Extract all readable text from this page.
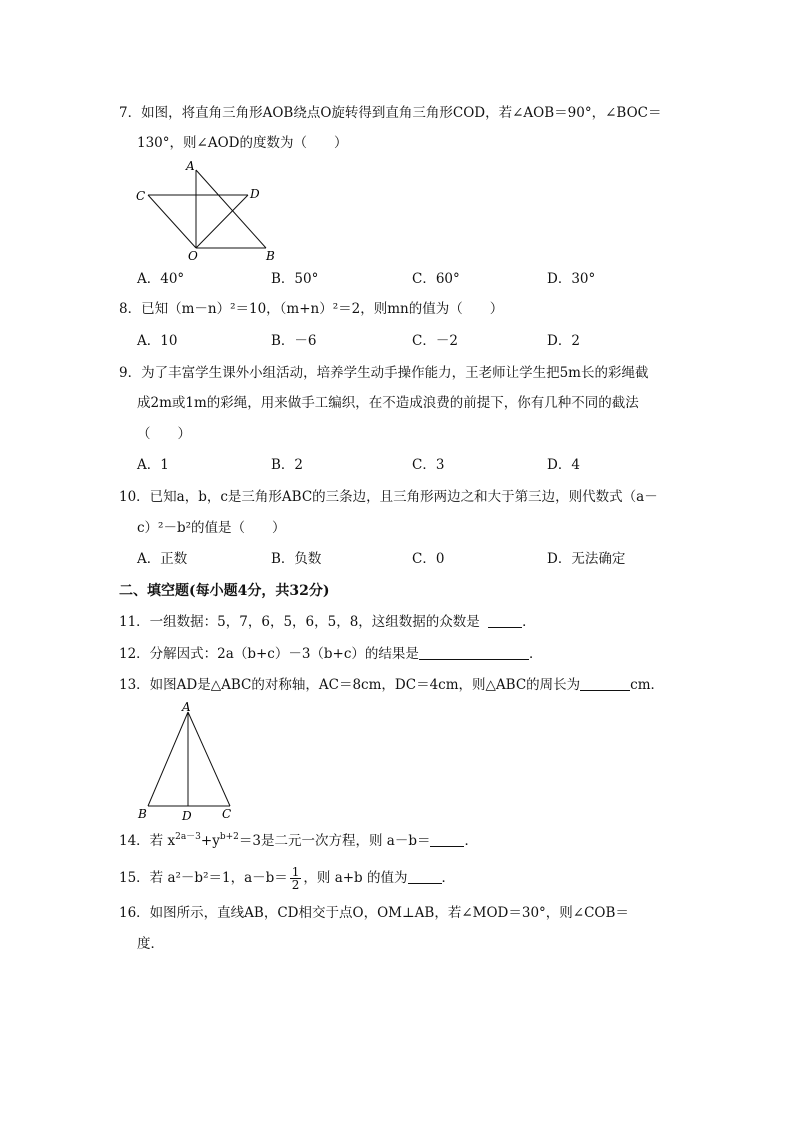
7．如图，将直角三角形AOB绕点O旋转得到直角三角形COD，若∠AOB＝90°，∠BOC＝
130°，则∠AOD的度数为（　　）
A
C	D
O	B
A．40°	B．50°	C．60°	D．30°
8．已知（m－n）²＝10，（m+n）²＝2，则mn的值为（　　）
A．10	B．－6	C．－2	D．2
9．为了丰富学生课外小组活动，培养学生动手操作能力，王老师让学生把5m长的彩绳截
成2m或1m的彩绳，用来做手工编织，在不造成浪费的前提下，你有几种不同的截法
（　　）
A．1	B．2	C．3	D．4
10．已知a，b，c是三角形ABC的三条边，且三角形两边之和大于第三边，则代数式（a－
c）²－b²的值是（　　）
A．正数	B．负数	C．0	D．无法确定
二、填空题(每小题4分，共32分)
11．一组数据：5，7，6，5，6，5，8，这组数据的众数是	．
12．分解因式：2a（b+c）－3（b+c）的结果是	．
13．如图AD是△ABC的对称轴，AC＝8cm，DC＝4cm，则△ABC的周长为	cm．
A
B	D	C
14．若 $x^{2a-3}+y^{b+2}=3$是二元一次方程，则 a－b＝	．
15．若 a²－b²＝1，$a-b= \frac{1}{2}$ ，则 a+b 的值为	．
16．如图所示，直线AB，CD相交于点O，OM⊥AB，若∠MOD＝30°，则∠COB＝
度．
